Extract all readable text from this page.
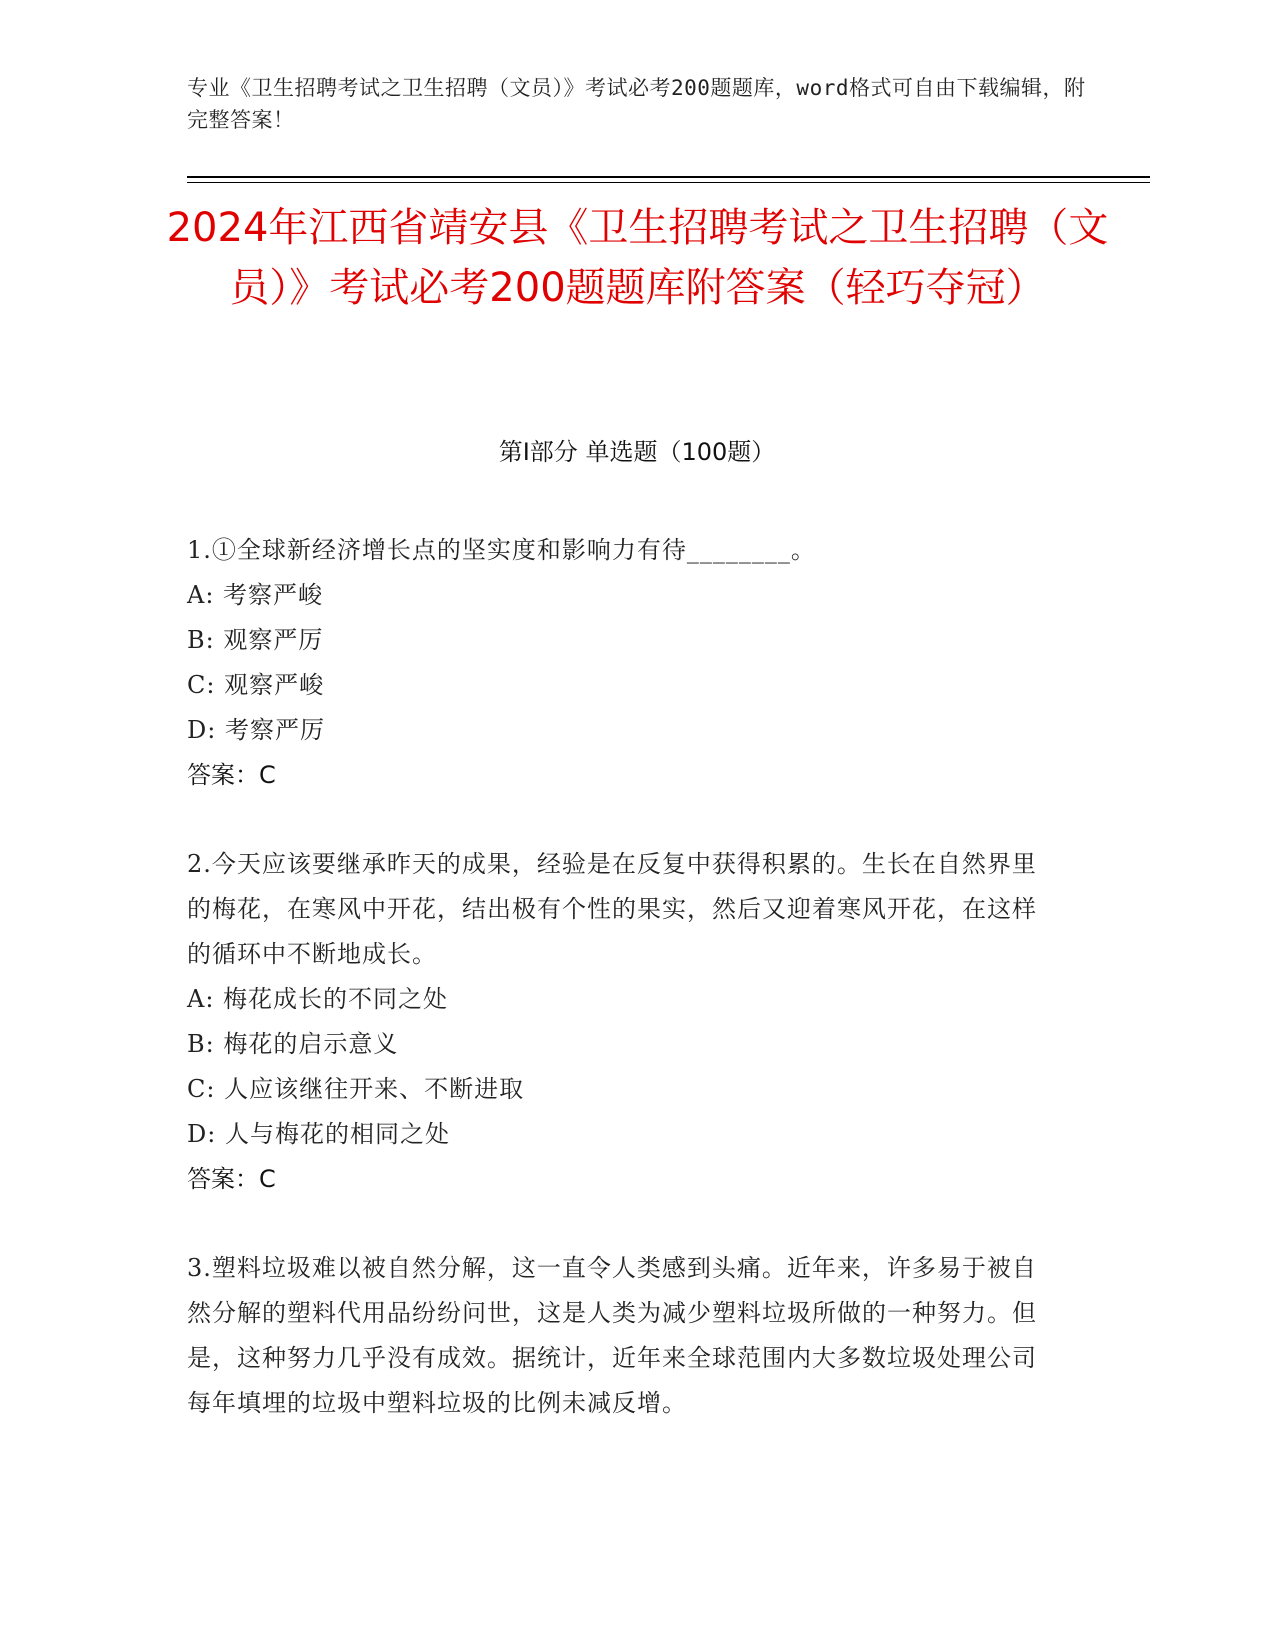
专业《卫生招聘考试之卫生招聘（文员）》考试必考200题题库，word格式可自由下载编辑，附完整答案！
2024年江西省靖安县《卫生招聘考试之卫生招聘（文员）》考试必考200题题库附答案（轻巧夺冠）
第Ⅰ部分 单选题（100题）

1.①全球新经济增长点的坚实度和影响力有待________。

A: 考察严峻

B: 观察严厉

C: 观察严峻

D: 考察严厉

答案：C

2.今天应该要继承昨天的成果，经验是在反复中获得积累的。生长在自然界里的梅花，在寒风中开花，结出极有个性的果实，然后又迎着寒风开花，在这样的循环中不断地成长。

A: 梅花成长的不同之处

B: 梅花的启示意义

C: 人应该继往开来、不断进取

D: 人与梅花的相同之处

答案：C

3.塑料垃圾难以被自然分解，这一直令人类感到头痛。近年来，许多易于被自然分解的塑料代用品纷纷问世，这是人类为减少塑料垃圾所做的一种努力。但是，这种努力几乎没有成效。据统计，近年来全球范围内大多数垃圾处理公司每年填埋的垃圾中塑料垃圾的比例未减反增。
